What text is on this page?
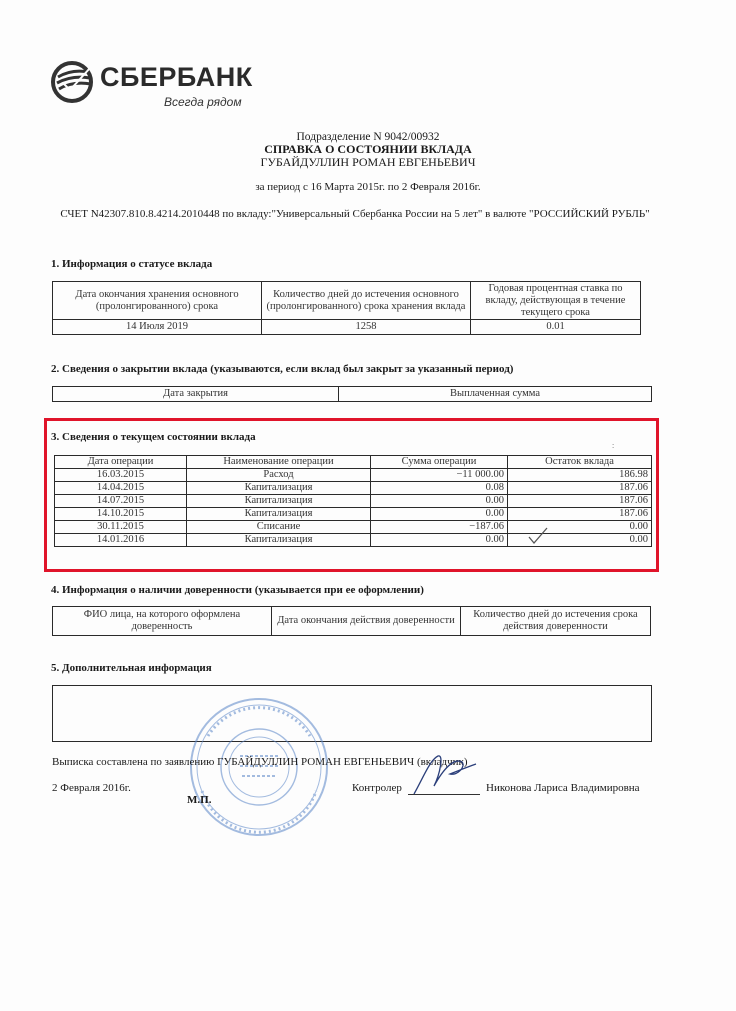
СБЕРБАНК
Всегда рядом
Подразделение N 9042/00932
СПРАВКА О СОСТОЯНИИ ВКЛАДА
ГУБАЙДУЛЛИН РОМАН ЕВГЕНЬЕВИЧ
за период с 16 Марта 2015г. по 2 Февраля 2016г.
СЧЕТ N42307.810.8.4214.2010448 по вкладу:"Универсальный Сбербанка России на 5 лет" в валюте "РОССИЙСКИЙ РУБЛЬ"
1. Информация о статусе вклада
Дата окончания хранения основного (пролонгированного) срока	Количество дней до истечения основного (пролонгированного) срока хранения вклада	Годовая процентная ставка по вкладу, действующая в течение текущего срока
14 Июля 2019	1258	0.01
2. Сведения о закрытии вклада (указываются, если вклад был закрыт за указанный период)
Дата закрытия	Выплаченная сумма
3. Сведения о текущем состоянии вклада
:
Дата операции	Наименование операции	Сумма операции	Остаток вклада
16.03.2015	Расход	−11 000.00	186.98
14.04.2015	Капитализация	0.08	187.06
14.07.2015	Капитализация	0.00	187.06
14.10.2015	Капитализация	0.00	187.06
30.11.2015	Списание	−187.06	0.00
14.01.2016	Капитализация	0.00	0.00
4. Информация о наличии доверенности (указывается при ее оформлении)
ФИО лица, на которого оформлена доверенность	Дата окончания действия доверенности	Количество дней до истечения срока действия доверенности
5. Дополнительная информация
Выписка составлена по заявлению ГУБАЙДУЛЛИН РОМАН ЕВГЕНЬЕВИЧ (вкладчик)
2 Февраля 2016г.	Контролер	Никонова Лариса Владимировна
М.П.
